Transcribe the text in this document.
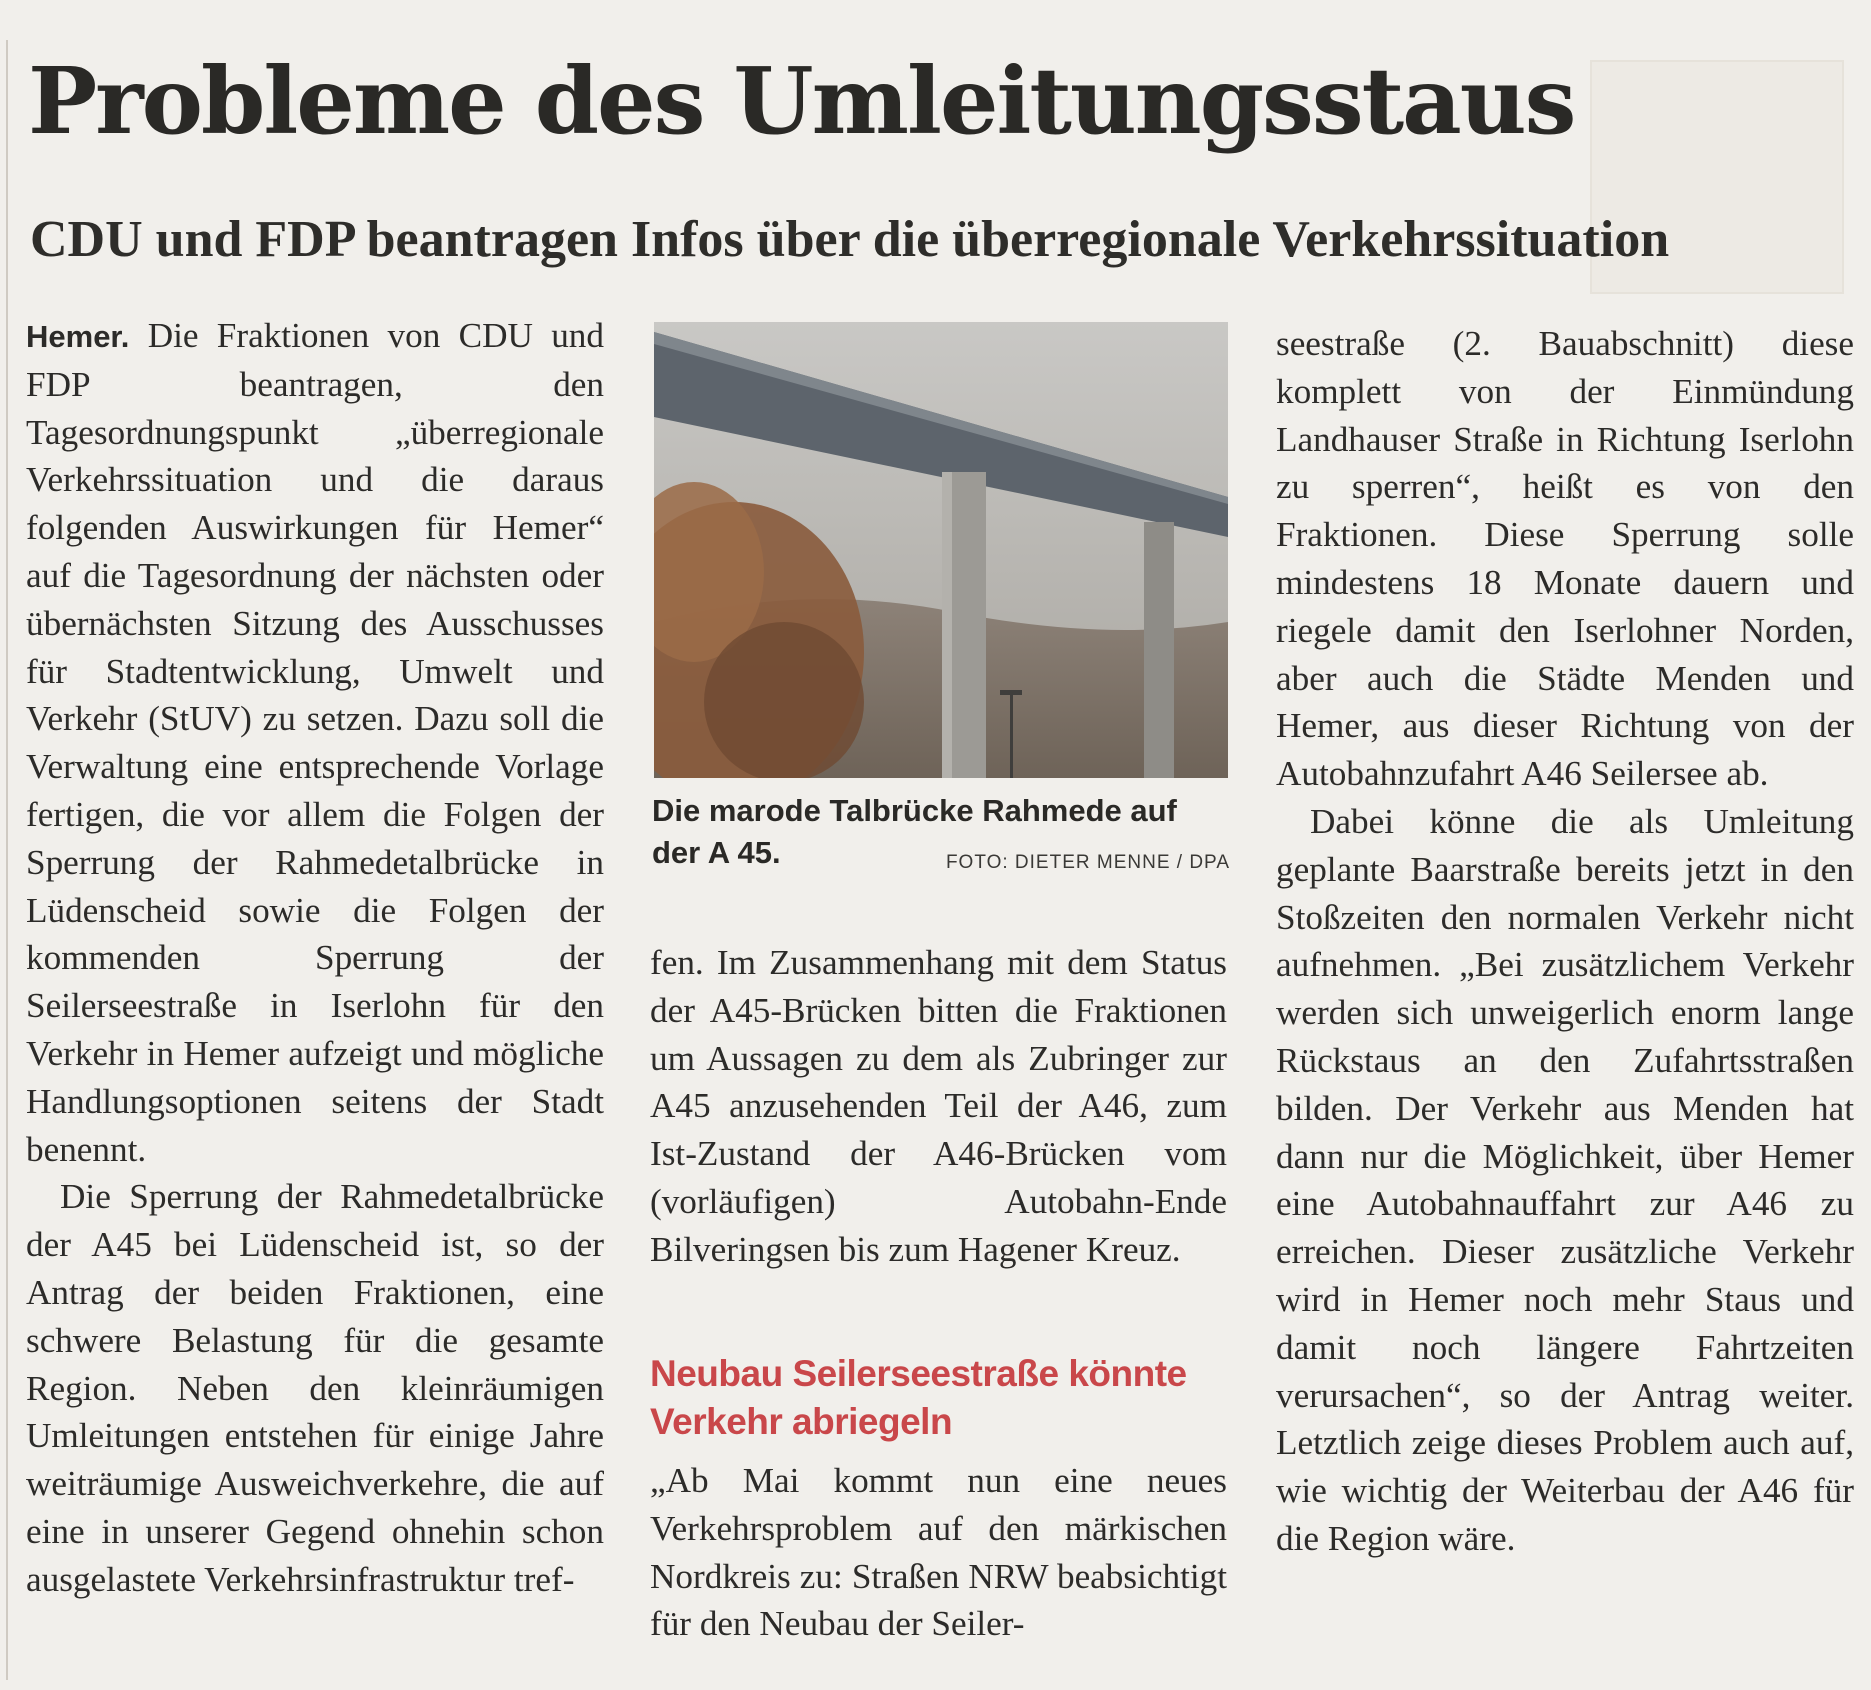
Probleme des Umleitungsstaus
CDU und FDP beantragen Infos über die überregionale Verkehrssituation

Hemer. Die Fraktionen von CDU und FDP beantragen, den Tagesordnungspunkt „überregionale Verkehrssituation und die daraus folgenden Auswirkungen für Hemer“ auf die Tagesordnung der nächsten oder übernächsten Sitzung des Ausschusses für Stadtentwicklung, Umwelt und Verkehr (StUV) zu setzen. Dazu soll die Verwaltung eine entsprechende Vorlage fertigen, die vor allem die Folgen der Sperrung der Rahmedetalbrücke in Lüdenscheid sowie die Folgen der kommenden Sperrung der Seilerseestraße in Iserlohn für den Verkehr in Hemer aufzeigt und mögliche Handlungsoptionen seitens der Stadt benennt.

Die Sperrung der Rahmedetalbrücke der A45 bei Lüdenscheid ist, so der Antrag der beiden Fraktionen, eine schwere Belastung für die gesamte Region. Neben den kleinräumigen Umleitungen entstehen für einige Jahre weiträumige Ausweichverkehre, die auf eine in unserer Gegend ohnehin schon ausgelastete Verkehrsinfrastruktur tref-

Die marode Talbrücke Rahmede auf der A 45.	FOTO: DIETER MENNE / DPA

fen. Im Zusammenhang mit dem Status der A45-Brücken bitten die Fraktionen um Aussagen zu dem als Zubringer zur A45 anzusehenden Teil der A46, zum Ist-Zustand der A46-Brücken vom (vorläufigen) Autobahn-Ende Bilveringsen bis zum Hagener Kreuz.

Neubau Seilerseestraße könnte Verkehr abriegeln

„Ab Mai kommt nun eine neues Verkehrsproblem auf den märkischen Nordkreis zu: Straßen NRW beabsichtigt für den Neubau der Seiler-

seestraße (2. Bauabschnitt) diese komplett von der Einmündung Landhauser Straße in Richtung Iserlohn zu sperren“, heißt es von den Fraktionen. Diese Sperrung solle mindestens 18 Monate dauern und riegele damit den Iserlohner Norden, aber auch die Städte Menden und Hemer, aus dieser Richtung von der Autobahnzufahrt A46 Seilersee ab.

Dabei könne die als Umleitung geplante Baarstraße bereits jetzt in den Stoßzeiten den normalen Verkehr nicht aufnehmen. „Bei zusätzlichem Verkehr werden sich unweigerlich enorm lange Rückstaus an den Zufahrtsstraßen bilden. Der Verkehr aus Menden hat dann nur die Möglichkeit, über Hemer eine Autobahnauffahrt zur A46 zu erreichen. Dieser zusätzliche Verkehr wird in Hemer noch mehr Staus und damit noch längere Fahrtzeiten verursachen“, so der Antrag weiter. Letztlich zeige dieses Problem auch auf, wie wichtig der Weiterbau der A46 für die Region wäre.
